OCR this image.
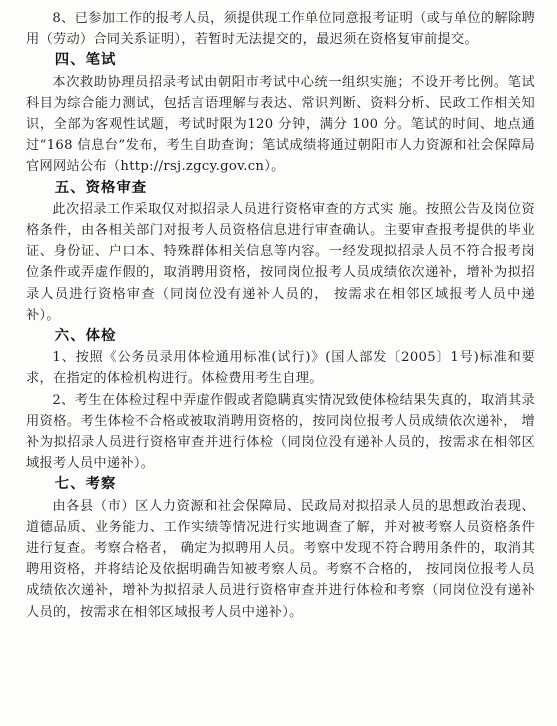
8、已参加工作的报考人员，须提供现工作单位同意报考证明（或与单位的解除聘用（劳动）合同关系证明），若暂时无法提交的，最迟须在资格复审前提交。

四、笔试

本次救助协理员招录考试由朝阳市考试中心统一组织实施；不设开考比例。笔试科目为综合能力测试，包括言语理解与表达、常识判断、资料分析、民政工作相关知识，全部为客观性试题，考试时限为120 分钟，满分 100 分。笔试的时间、地点通过“168 信息台”发布，考生自助查询；笔试成绩将通过朝阳市人力资源和社会保障局官网网站公布（http://rsj.zgcy.gov.cn）。

五、资格审查

此次招录工作采取仅对拟招录人员进行资格审查的方式实 施。按照公告及岗位资格条件，由各相关部门对报考人员资格信息进行审查确认。主要审查报考提供的毕业证、身份证、户口本、特殊群体相关信息等内容。一经发现拟招录人员不符合报考岗位条件或弄虚作假的，取消聘用资格，按同岗位报考人员成绩依次递补，增补为拟招录人员进行资格审查（同岗位没有递补人员的， 按需求在相邻区域报考人员中递补）。

六、体检

1、按照《公务员录用体检通用标准(试行)》(国人部发〔2005〕1号)标准和要求，在指定的体检机构进行。体检费用考生自理。

2、考生在体检过程中弄虚作假或者隐瞒真实情况致使体检结果失真的，取消其录用资格。考生体检不合格或被取消聘用资格的，按同岗位报考人员成绩依次递补， 增补为拟招录人员进行资格审查并进行体检（同岗位没有递补人员的，按需求在相邻区域报考人员中递补）。

七、考察

由各县（市）区人力资源和社会保障局、民政局对拟招录人员的思想政治表现、道德品质、业务能力、工作实绩等情况进行实地调查了解，并对被考察人员资格条件进行复查。考察合格者， 确定为拟聘用人员。考察中发现不符合聘用条件的，取消其聘用资格，并将结论及依据明确告知被考察人员。考察不合格的， 按同岗位报考人员成绩依次递补，增补为拟招录人员进行资格审查并进行体检和考察（同岗位没有递补人员的，按需求在相邻区域报考人员中递补）。
